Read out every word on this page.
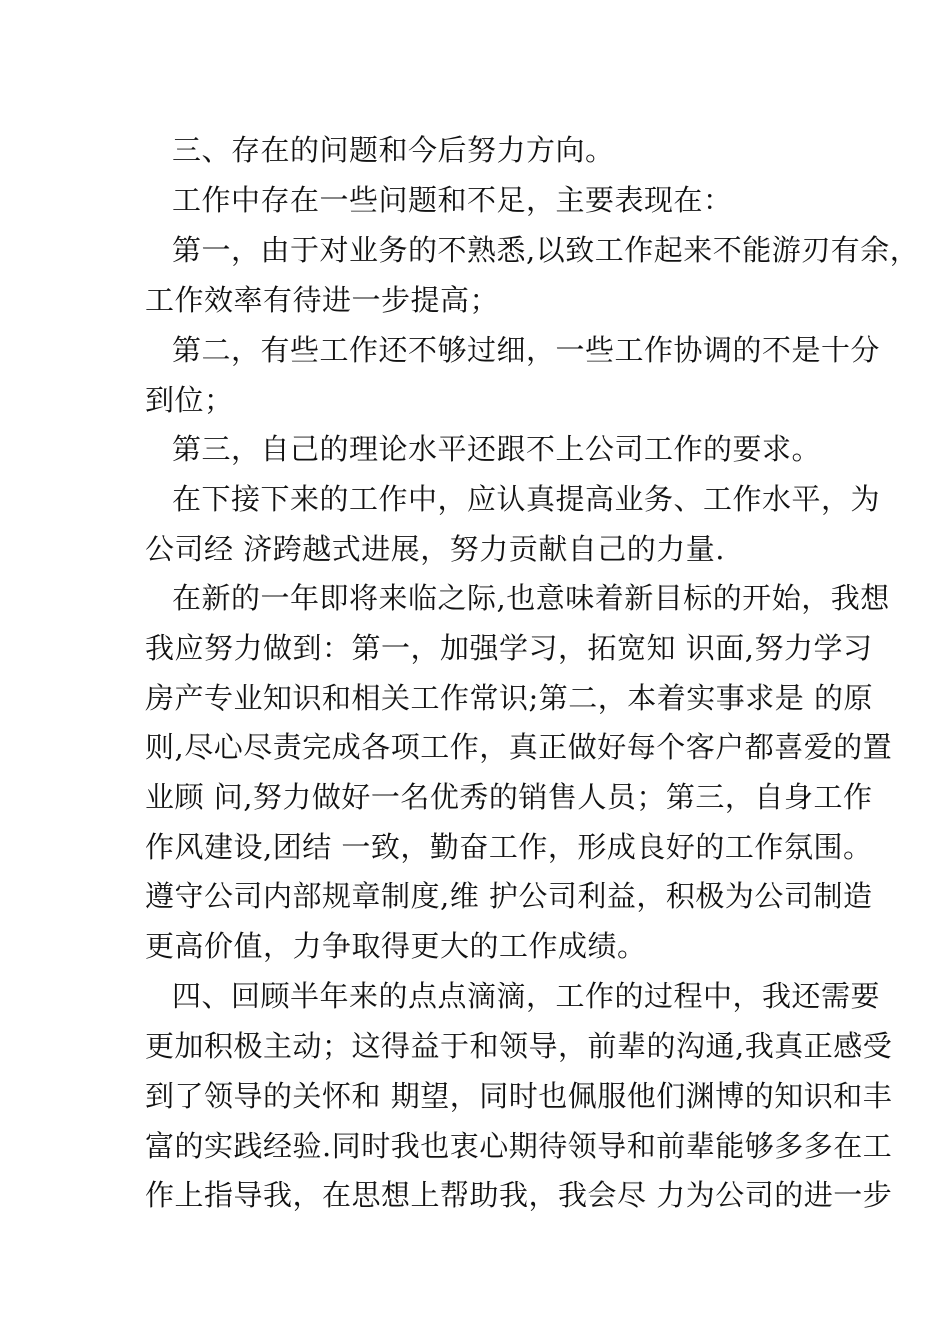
三、存在的问题和今后努力方向。
工作中存在一些问题和不足，主要表现在：
第一，由于对业务的不熟悉,以致工作起来不能游刃有余，
工作效率有待进一步提高；
第二，有些工作还不够过细，一些工作协调的不是十分
到位；
第三，自己的理论水平还跟不上公司工作的要求。
在下接下来的工作中，应认真提高业务、工作水平，为
公司经 济跨越式进展，努力贡献自己的力量.
在新的一年即将来临之际,也意味着新目标的开始，我想
我应努力做到：第一，加强学习，拓宽知 识面,努力学习
房产专业知识和相关工作常识;第二，本着实事求是 的原
则,尽心尽责完成各项工作，真正做好每个客户都喜爱的置
业顾 问,努力做好一名优秀的销售人员；第三，自身工作
作风建设,团结 一致，勤奋工作，形成良好的工作氛围。
遵守公司内部规章制度,维 护公司利益，积极为公司制造
更高价值，力争取得更大的工作成绩。
四、回顾半年来的点点滴滴，工作的过程中，我还需要
更加积极主动；这得益于和领导，前辈的沟通,我真正感受
到了领导的关怀和 期望，同时也佩服他们渊博的知识和丰
富的实践经验.同时我也衷心期待领导和前辈能够多多在工
作上指导我，在思想上帮助我，我会尽 力为公司的进一步
